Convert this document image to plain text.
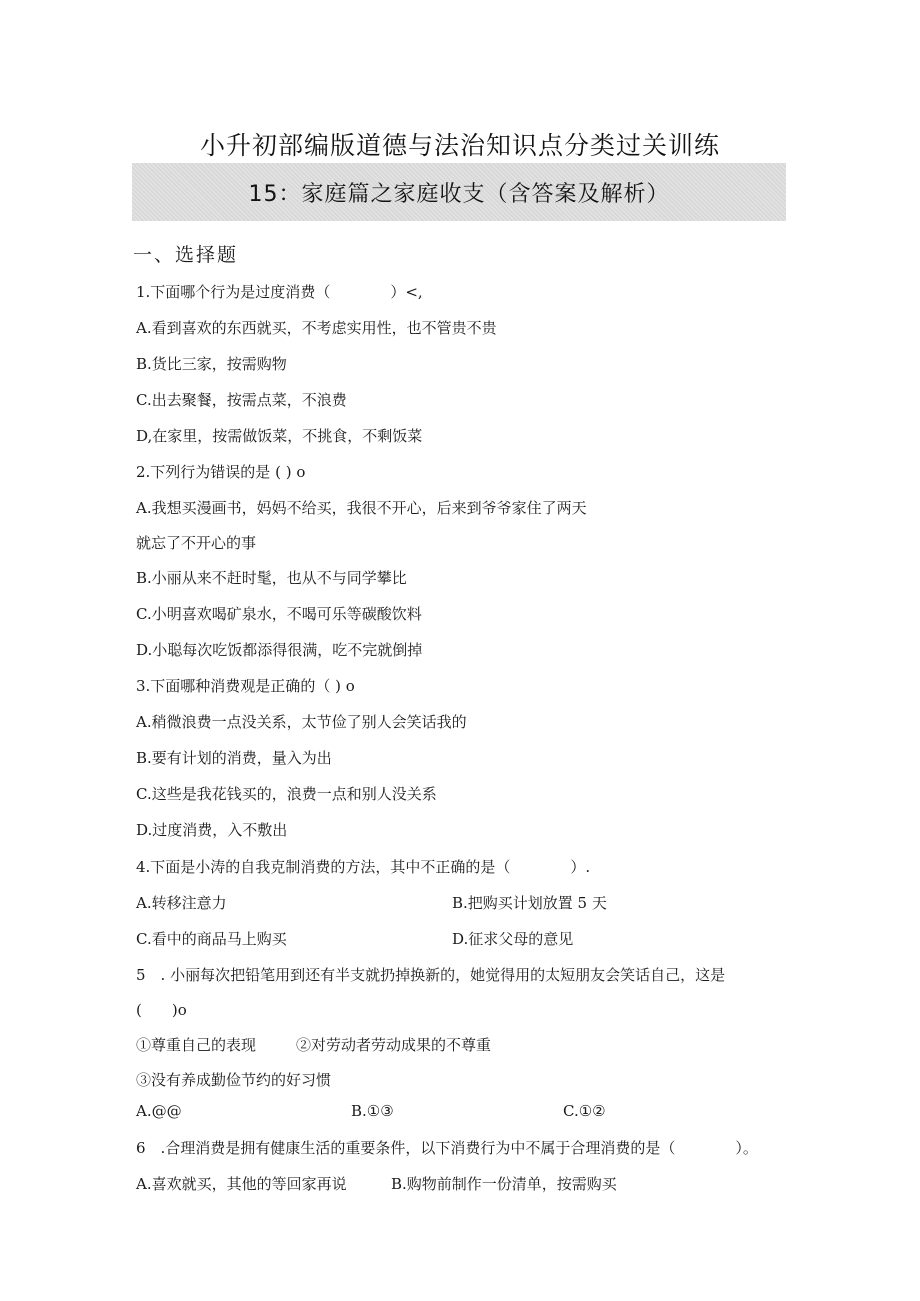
小升初部编版道德与法治知识点分类过关训练
15：家庭篇之家庭收支（含答案及解析）
一、选择题
1.下面哪个行为是过度消费（　　　　）<,
A.看到喜欢的东西就买，不考虑实用性，也不管贵不贵
B.货比三家，按需购物
C.出去聚餐，按需点菜，不浪费
D,在家里，按需做饭菜，不挑食，不剩饭菜
2.下列行为错误的是 ( ) o
A.我想买漫画书，妈妈不给买，我很不开心，后来到爷爷家住了两天
就忘了不开心的事
B.小丽从来不赶时髦，也从不与同学攀比
C.小明喜欢喝矿泉水，不喝可乐等碳酸饮料
D.小聪每次吃饭都添得很满，吃不完就倒掉
3.下面哪种消费观是正确的（ ) o
A.稍微浪费一点没关系，太节俭了别人会笑话我的
B.要有计划的消费，量入为出
C.这些是我花钱买的，浪费一点和别人没关系
D.过度消费，入不敷出
4.下面是小涛的自我克制消费的方法，其中不正确的是（　　　　）.
A.转移注意力	B.把购买计划放置 5 天
C.看中的商品马上购买	D.征求父母的意见
5　. 小丽每次把铅笔用到还有半支就扔掉换新的，她觉得用的太短朋友会笑话自己，这是
(　　)o
①尊重自己的表现	②对劳动者劳动成果的不尊重
③没有养成勤俭节约的好习惯
A.@@	B.①③	C.①②
6　.合理消费是拥有健康生活的重要条件，以下消费行为中不属于合理消费的是（　　　　）。
A.喜欢就买，其他的等回家再说	B.购物前制作一份清单，按需购买
